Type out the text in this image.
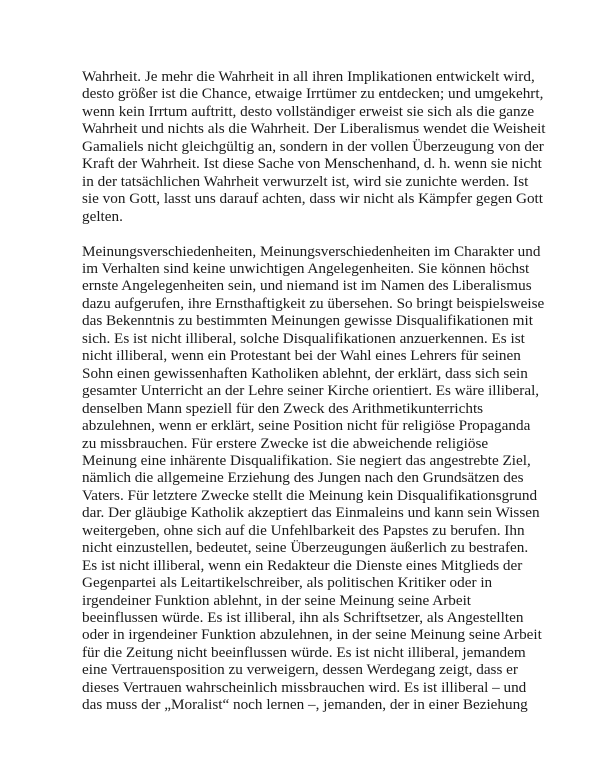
Wahrheit. Je mehr die Wahrheit in all ihren Implikationen entwickelt wird,
desto größer ist die Chance, etwaige Irrtümer zu entdecken; und umgekehrt,
wenn kein Irrtum auftritt, desto vollständiger erweist sie sich als die ganze
Wahrheit und nichts als die Wahrheit. Der Liberalismus wendet die Weisheit
Gamaliels nicht gleichgültig an, sondern in der vollen Überzeugung von der
Kraft der Wahrheit. Ist diese Sache von Menschenhand, d. h. wenn sie nicht
in der tatsächlichen Wahrheit verwurzelt ist, wird sie zunichte werden. Ist
sie von Gott, lasst uns darauf achten, dass wir nicht als Kämpfer gegen Gott
gelten.

Meinungsverschiedenheiten, Meinungsverschiedenheiten im Charakter und
im Verhalten sind keine unwichtigen Angelegenheiten. Sie können höchst
ernste Angelegenheiten sein, und niemand ist im Namen des Liberalismus
dazu aufgerufen, ihre Ernsthaftigkeit zu übersehen. So bringt beispielsweise
das Bekenntnis zu bestimmten Meinungen gewisse Disqualifikationen mit
sich. Es ist nicht illiberal, solche Disqualifikationen anzuerkennen. Es ist
nicht illiberal, wenn ein Protestant bei der Wahl eines Lehrers für seinen
Sohn einen gewissenhaften Katholiken ablehnt, der erklärt, dass sich sein
gesamter Unterricht an der Lehre seiner Kirche orientiert. Es wäre illiberal,
denselben Mann speziell für den Zweck des Arithmetikunterrichts
abzulehnen, wenn er erklärt, seine Position nicht für religiöse Propaganda
zu missbrauchen. Für erstere Zwecke ist die abweichende religiöse
Meinung eine inhärente Disqualifikation. Sie negiert das angestrebte Ziel,
nämlich die allgemeine Erziehung des Jungen nach den Grundsätzen des
Vaters. Für letztere Zwecke stellt die Meinung kein Disqualifikationsgrund
dar. Der gläubige Katholik akzeptiert das Einmaleins und kann sein Wissen
weitergeben, ohne sich auf die Unfehlbarkeit des Papstes zu berufen. Ihn
nicht einzustellen, bedeutet, seine Überzeugungen äußerlich zu bestrafen.
Es ist nicht illiberal, wenn ein Redakteur die Dienste eines Mitglieds der
Gegenpartei als Leitartikelschreiber, als politischen Kritiker oder in
irgendeiner Funktion ablehnt, in der seine Meinung seine Arbeit
beeinflussen würde. Es ist illiberal, ihn als Schriftsetzer, als Angestellten
oder in irgendeiner Funktion abzulehnen, in der seine Meinung seine Arbeit
für die Zeitung nicht beeinflussen würde. Es ist nicht illiberal, jemandem
eine Vertrauensposition zu verweigern, dessen Werdegang zeigt, dass er
dieses Vertrauen wahrscheinlich missbrauchen wird. Es ist illiberal – und
das muss der „Moralist“ noch lernen –, jemanden, der in einer Beziehung
